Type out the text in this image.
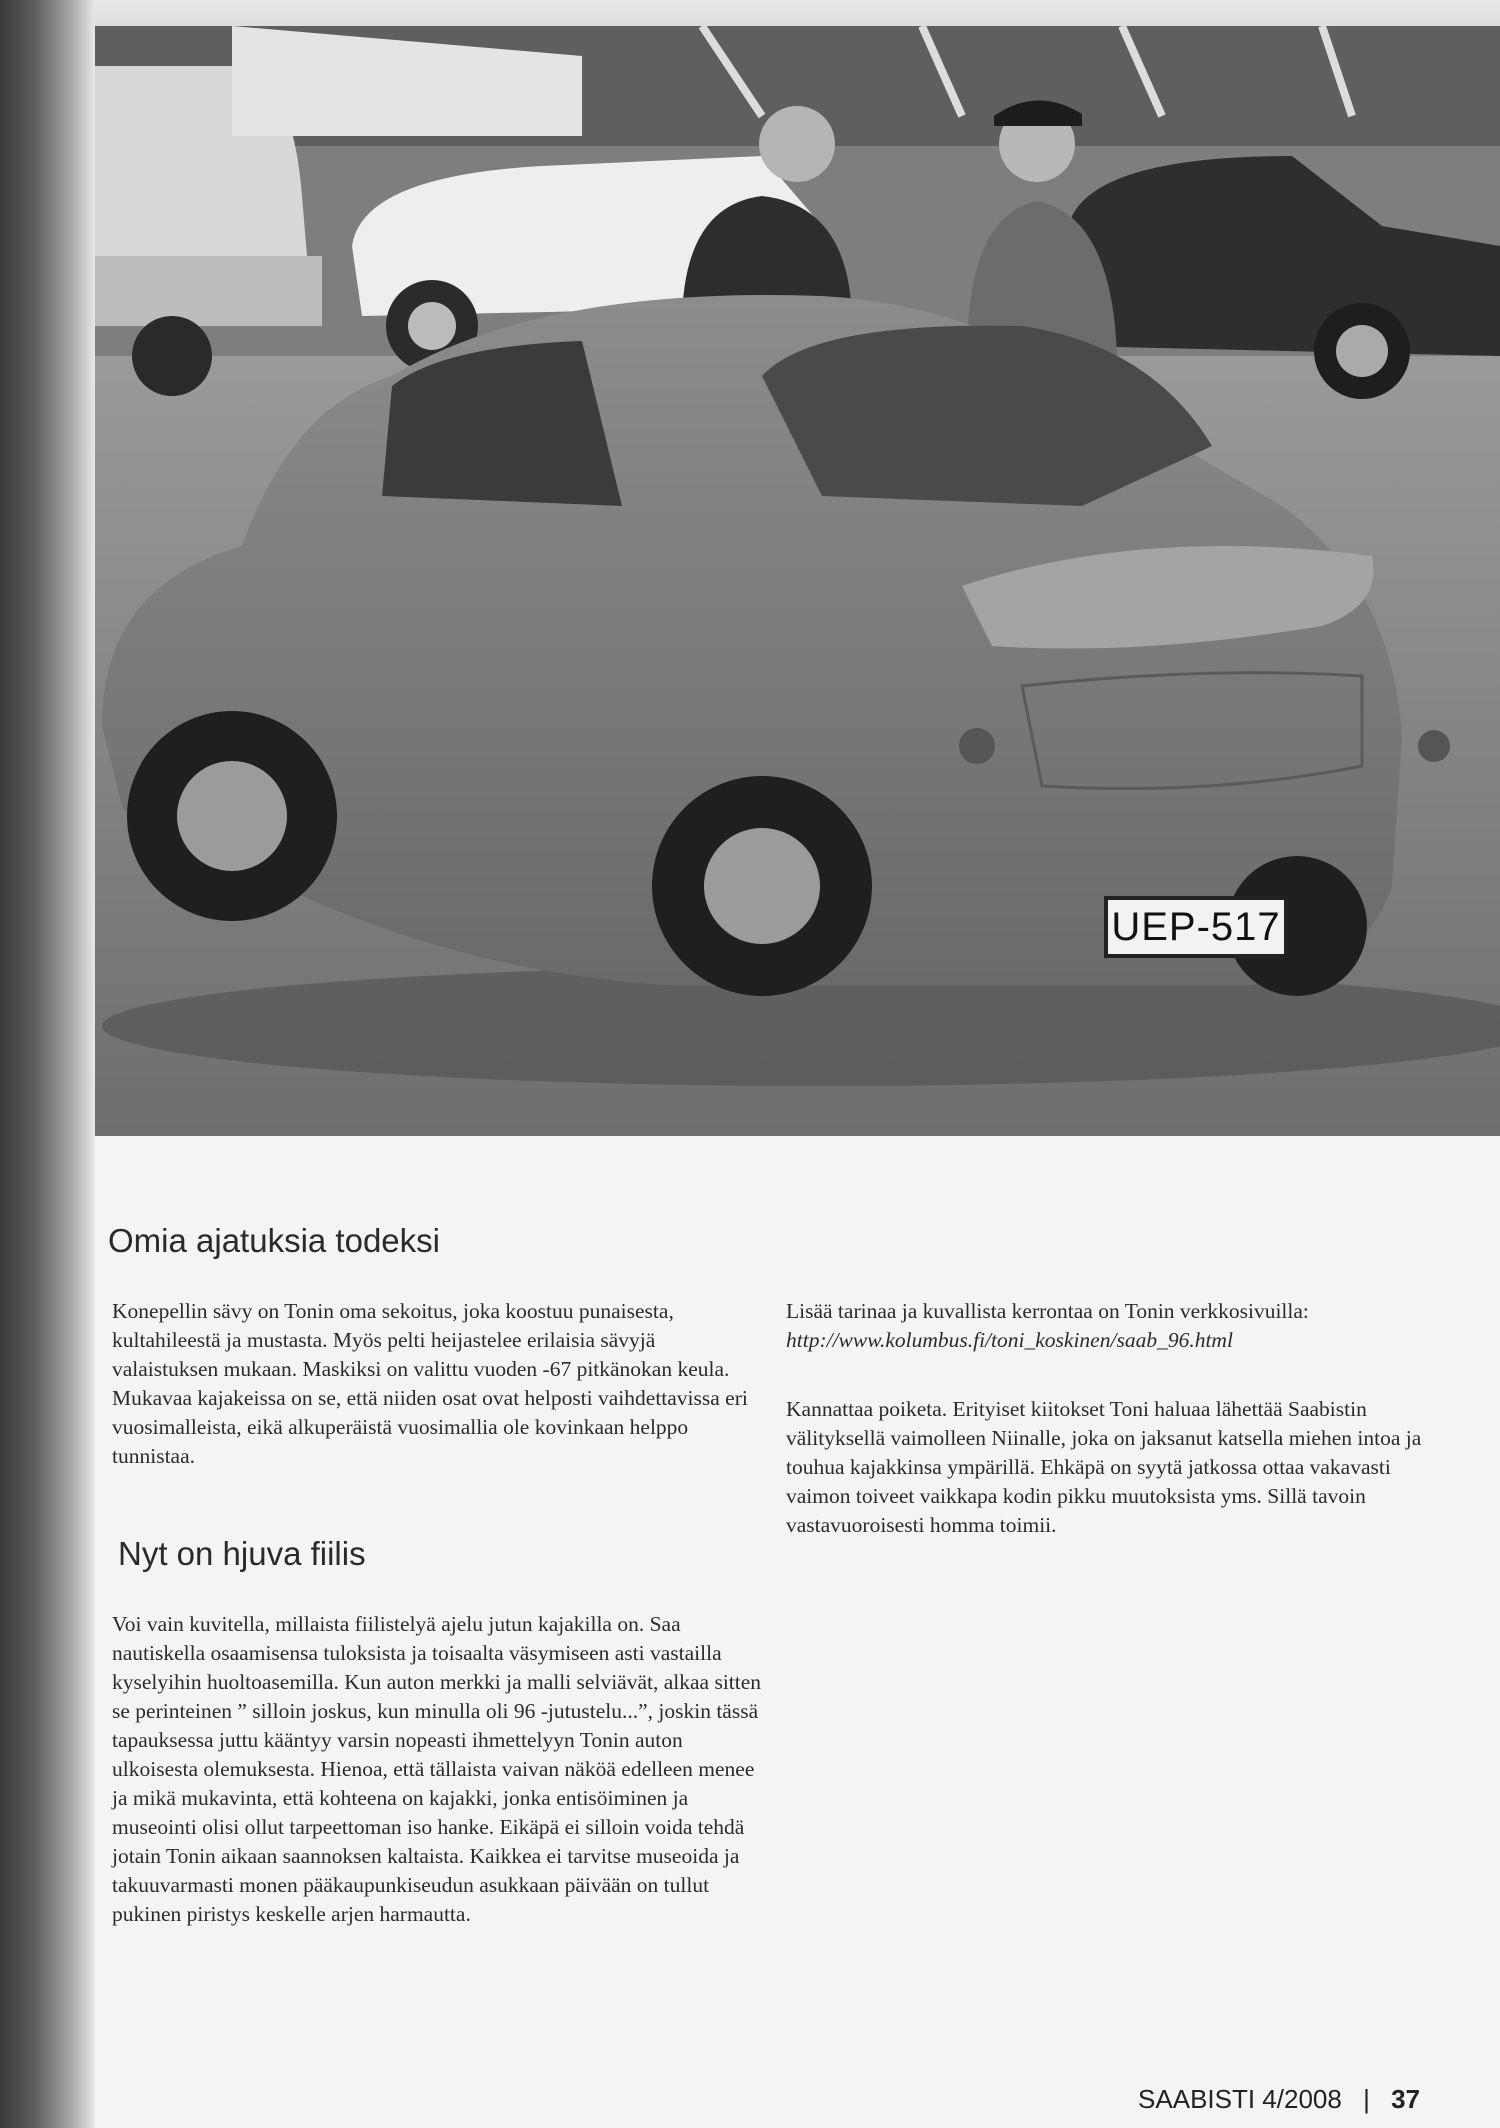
UEP-517
Omia ajatuksia todeksi

Konepellin sävy on Tonin oma sekoitus, joka koostuu punaisesta, kultahileestä ja mustasta. Myös pelti heijastelee erilaisia sävyjä valaistuksen mukaan. Maskiksi on valittu vuoden -67 pitkänokan keula. Mukavaa kajakeissa on se, että niiden osat ovat helposti vaihdettavissa eri vuosimalleista, eikä alkuperäistä vuosimallia ole kovinkaan helppo tunnistaa.

Nyt on hjuva fiilis

Voi vain kuvitella, millaista fiilistelyä ajelu jutun kajakilla on. Saa nautiskella osaamisensa tuloksista ja toisaalta väsymiseen asti vastailla kyselyihin huoltoasemilla. Kun auton merkki ja malli selviävät, alkaa sitten se perinteinen ” silloin joskus, kun minulla oli 96 -jutustelu...”, joskin tässä tapauksessa juttu kääntyy varsin nopeasti ihmettelyyn Tonin auton ulkoisesta olemuksesta. Hienoa, että tällaista vaivan näköä edelleen menee ja mikä mukavinta, että kohteena on kajakki, jonka entisöiminen ja museointi olisi ollut tarpeettoman iso hanke. Eikäpä ei silloin voida tehdä jotain Tonin aikaan saannoksen kaltaista. Kaikkea ei tarvitse museoida ja takuuvarmasti monen pääkaupunkiseudun asukkaan päivään on tullut pukinen piristys keskelle arjen harmautta.

Lisää tarinaa ja kuvallista kerrontaa on Tonin verkkosivuilla:
http://www.kolumbus.fi/toni_koskinen/saab_96.html

Kannattaa poiketa. Erityiset kiitokset Toni haluaa lähettää Saabistin välityksellä vaimolleen Niinalle, joka on jaksanut katsella miehen intoa ja touhua kajakkinsa ympärillä. Ehkäpä on syytä jatkossa ottaa vakavasti vaimon toiveet vaikkapa kodin pikku muutoksista yms. Sillä tavoin vastavuoroisesti homma toimii.

SAABISTI 4/2008 | 37
